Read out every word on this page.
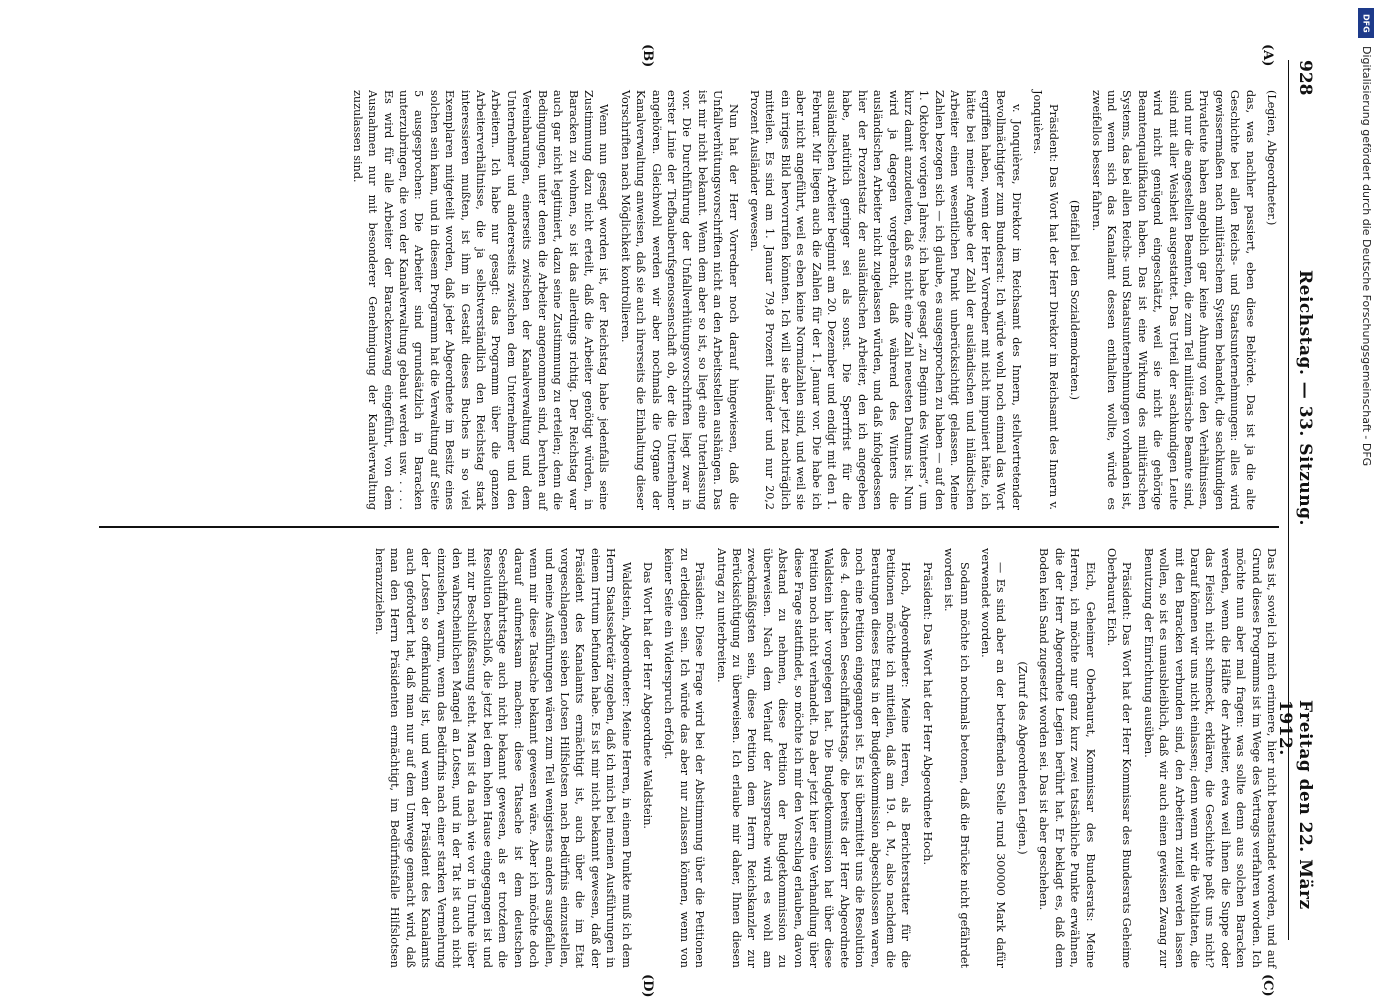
928
Reichstag. — 33. Sitzung.
Freitag den 22. März 1912.
(A)
(B)
(C)
(D)

(Legien, Abgeordneter.)

das, was nachher passiert, eben diese Behörde. Das ist ja die alte Geschichte bei allen Reichs- und Staatsunternehmungen: alles wird gewissermaßen nach militärischem System behandelt, die sachkundigen Privatleute haben angeblich gar keine Ahnung von den Verhältnissen, und nur die angestellten Beamten, die zum Teil militärische Beamte sind, sind mit aller Weisheit ausgestattet. Das Urteil der sachkundigen Leute wird nicht genügend eingeschätzt, weil sie nicht die gehörige Beamtenqualifikation haben. Das ist eine Wirkung des militärischen Systems, das bei allen Reichs- und Staatsunternehmungen vorhanden ist, und wenn sich das Kanalamt dessen enthalten wollte, würde es zweifellos besser fahren.

(Beifall bei den Sozialdemokraten.)

Präsident: Das Wort hat der Herr Direktor im Reichsamt des Innern v. Jonquières.

v. Jonquières, Direktor im Reichsamt des Innern, stellvertretender Bevollmächtigter zum Bundesrat: Ich würde wohl noch einmal das Wort ergriffen haben, wenn der Herr Vorredner mit nicht impuniert hätte, ich hätte bei meiner Angabe der Zahl der ausländischen und inländischen Arbeiter einen wesentlichen Punkt unberücksichtigt gelassen. Meine Zahlen bezogen sich — ich glaube, es ausgesprochen zu haben — auf den 1. Oktober vorigen Jahres; ich habe gesagt „zu Beginn des Winters“, um kurz damit anzudeuten, daß es nicht eine Zahl neuesten Datums ist. Nun wird ja dagegen vorgebracht, daß während des Winters die ausländischen Arbeiter nicht zugelassen würden, und daß infolgedessen hier der Prozentsatz der ausländischen Arbeiter, den ich angegeben habe, natürlich geringer sei als sonst. Die Sperrfrist für die ausländischen Arbeiter beginnt am 20. Dezember und endigt mit den 1. Februar. Mir liegen auch die Zahlen für der 1. Januar vor. Die habe ich aber nicht angeführt, weil es eben keine Normalzahlen sind, und weil sie ein irriges Bild hervorrufen könnten. Ich will sie aber jetzt nachträglich mitteilen. Es sind am 1. Januar 79,8 Prozent Inländer und nur 20,2 Prozent Ausländer gewesen.

Nun hat der Herr Vorredner noch darauf hingewiesen, daß die Unfallverhütungsvorschriften nicht an den Arbeitsstellen aushängen. Das ist mir nicht bekannt. Wenn dem aber so ist, so liegt eine Unterlassung vor. Die Durchführung der Unfallverhütungsvorschriften liegt zwar in erster Linie der Tiefbauberufsgenossenschaft ob, der die Unternehmer angehören. Gleichwohl werden wir aber nochmals die Organe der Kanalverwaltung anweisen, daß sie auch ihrerseits die Einhaltung dieser Vorschriften nach Möglichkeit kontrollieren.

Wenn nun gesagt worden ist, der Reichstag habe jedenfalls seine Zustimmung dazu nicht erteilt, daß die Arbeiter genötigt würden, in Baracken zu wohnen, so ist das allerdings richtig. Der Reichstag war auch gar nicht legitimiert, dazu seine Zustimmung zu erteilen; denn die Bedingungen, unter denen die Arbeiter angenommen sind, beruhen auf Vereinbarungen, einerseits zwischen der Kanalverwaltung und dem Unternehmer und andererseits zwischen dem Unternehmer und den Arbeitern. Ich habe nur gesagt: das Programm über die ganzen Arbeiterverhältnisse, die ja selbstverständlich den Reichstag stark interessieren mußten, ist ihm in Gestalt dieses Buches in so viel Exemplaren mitgeteilt worden, daß jeder Abgeordnete im Besitz eines solchen sein kann, und in diesem Programm hat die Verwaltung auf Seite 5 ausgesprochen: Die Arbeiter sind grundsätzlich in Baracken unterzubringen, die von der Kanalverwaltung gebaut werden usw. . . . . Es wird für alle Arbeiter der Barackenzwang eingeführt, von dem Ausnahmen nur mit besonderer Genehmigung der Kanalverwaltung zuzulassen sind.

Das ist, soviel ich mich erinnere, hier nicht beanstandet worden, und auf Grund dieses Programms ist im Wege des Vertrags verfahren worden. Ich möchte nun aber mal fragen: was sollte denn aus solchen Baracken werden, wenn die Hälfte der Arbeiter, etwa weil ihnen die Suppe oder das Fleisch nicht schmeckt, erklären, die Geschichte paßt uns nicht? Darauf können wir uns nicht einlassen; denn wenn wir die Wohltaten, die mit den Baracken verbunden sind, den Arbeitern zuteil werden lassen wollen, so ist es unausbleiblich, daß wir auch einen gewissen Zwang zur Benutzung der Einrichtung ausüben.

Präsident: Das Wort hat der Herr Kommissar des Bundesrats Geheime Oberbaurat Eich.

Eich, Geheimer Oberbaurat, Kommissar des Bundesrats: Meine Herren, ich möchte nur ganz kurz zwei tatsächliche Punkte erwähnen, die der Herr Abgeordnete Legien berührt hat. Er beklagt es, daß dem Boden kein Sand zugesetzt worden sei. Das ist aber geschehen.

(Zuruf des Abgeordneten Legien.)

— Es sind aber an der betreffenden Stelle rund 300000 Mark dafür verwendet worden.

Sodann möchte ich nochmals betonen, daß die Brücke nicht gefährdet worden ist.

Präsident: Das Wort hat der Herr Abgeordnete Hoch.

Hoch, Abgeordneter: Meine Herren, als Berichterstatter für die Petitionen möchte ich mitteilen, daß am 19. d. M., also nachdem die Beratungen dieses Etats in der Budgetkommission abgeschlossen waren, noch eine Petition eingegangen ist. Es ist übermittelt uns die Resolution des 4. deutschen Seeschiffahrtstags, die bereits der Herr Abgeordnete Waldstein hier vorgelegen hat. Die Budgetkommission hat über diese Petition noch nicht verhandelt. Da aber jetzt hier eine Verhandlung über diese Frage stattfindet, so möchte ich mir den Vorschlag erlauben, davon Abstand zu nehmen, diese Petition der Budgetkommission zu überweisen. Nach dem Verlauf der Aussprache wird es wohl am zweckmäßigsten sein, diese Petition dem Herrn Reichskanzler zur Berücksichtigung zu überweisen. Ich erlaube mir daher, Ihnen diesen Antrag zu unterbreiten.

Präsident: Diese Frage wird bei der Abstimmung über die Petitionen zu erledigen sein. Ich würde das aber nur zulassen können, wenn von keiner Seite ein Widerspruch erfolgt.

Das Wort hat der Herr Abgeordnete Waldstein.

Waldstein, Abgeordneter: Meine Herren, in einem Punkte muß ich dem Herrn Staatssekretär zugeben, daß ich mich bei meinen Ausführungen in einem Irrtum befunden habe. Es ist mir nicht bekannt gewesen, daß der Präsident des Kanalamts ermächtigt ist, auch über die im Etat vorgeschlagenen sieben Lotsen Hilfslotsen nach Bedürfnis einzustellen, und meine Ausführungen wären zum Teil wenigstens anders ausgefallen, wenn mir diese Tatsache bekannt gewesen wäre. Aber ich möchte doch darauf aufmerksam machen: diese Tatsache ist dem deutschen Seeschiffahrtstage auch nicht bekannt gewesen, als er trotzdem die Resolution beschloß, die jetzt bei dem hohen Hause eingegangen ist und mit zur Beschlußfassung steht. Man ist da nach wie vor in Unruhe über den wahrscheinlichen Mangel an Lotsen, und in der Tat ist auch nicht einzusehen, warum, wenn das Bedürfnis nach einer starken Vermehrung der Lotsen so offenkundig ist, und wenn der Präsident des Kanalamts auch gefordert hat, daß man nur auf dem Umwege gemacht wird, daß man den Herrn Präsidenten ermächtigt, im Bedürfnisfalle Hilfslotsen heranzuziehen.

Digitalisierung gefördert durch die Deutsche Forschungsgemeinschaft - DFG
DFG
